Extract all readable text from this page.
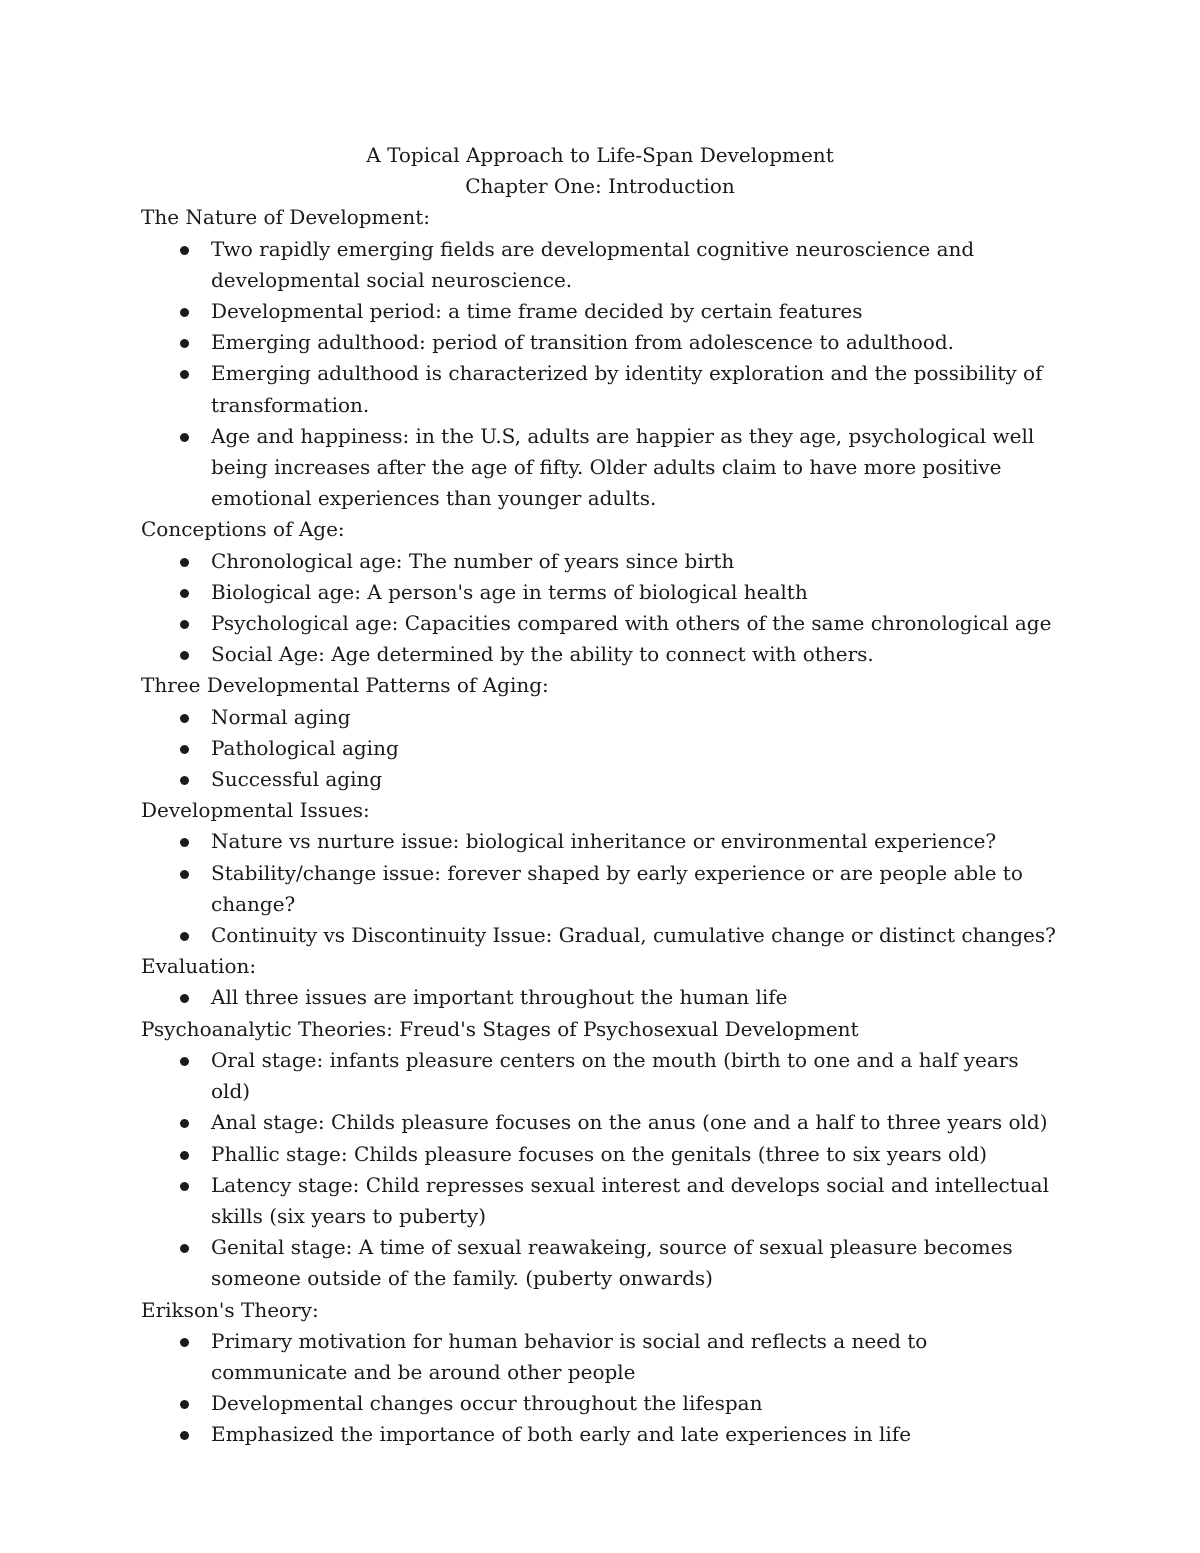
A Topical Approach to Life-Span Development
Chapter One: Introduction
The Nature of Development:
Two rapidly emerging fields are developmental cognitive neuroscience and developmental social neuroscience.
Developmental period: a time frame decided by certain features
Emerging adulthood: period of transition from adolescence to adulthood.
Emerging adulthood is characterized by identity exploration and the possibility of transformation.
Age and happiness: in the U.S, adults are happier as they age, psychological well being increases after the age of fifty. Older adults claim to have more positive emotional experiences than younger adults.
Conceptions of Age:
Chronological age: The number of years since birth
Biological age: A person's age in terms of biological health
Psychological age: Capacities compared with others of the same chronological age
Social Age: Age determined by the ability to connect with others.
Three Developmental Patterns of Aging:
Normal aging
Pathological aging
Successful aging
Developmental Issues:
Nature vs nurture issue: biological inheritance or environmental experience?
Stability/change issue: forever shaped by early experience or are people able to change?
Continuity vs Discontinuity Issue: Gradual, cumulative change or distinct changes?
Evaluation:
All three issues are important throughout the human life
Psychoanalytic Theories: Freud's Stages of Psychosexual Development
Oral stage: infants pleasure centers on the mouth (birth to one and a half years old)
Anal stage: Childs pleasure focuses on the anus (one and a half to three years old)
Phallic stage: Childs pleasure focuses on the genitals (three to six years old)
Latency stage: Child represses sexual interest and develops social and intellectual skills (six years to puberty)
Genital stage: A time of sexual reawakeing, source of sexual pleasure becomes someone outside of the family. (puberty onwards)
Erikson's Theory:
Primary motivation for human behavior is social and reflects a need to communicate and be around other people
Developmental changes occur throughout the lifespan
Emphasized the importance of both early and late experiences in life
